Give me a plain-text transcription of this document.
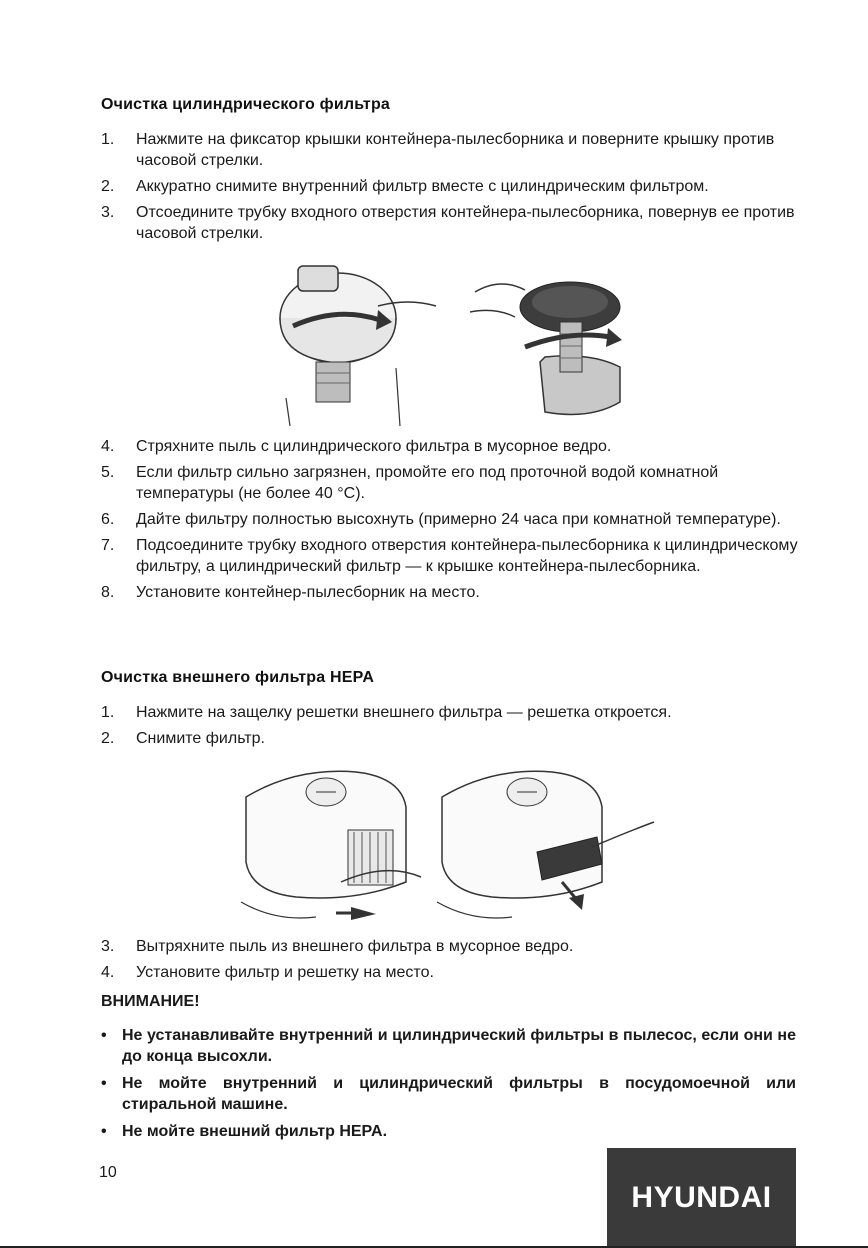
Очистка цилиндрического фильтра
1. Нажмите на фиксатор крышки контейнера-пылесборника и поверните крышку против часовой стрелки.
2. Аккуратно снимите внутренний фильтр вместе с цилиндрическим фильтром.
3. Отсоедините трубку входного отверстия контейнера-пылесборника, повернув ее против часовой стрелки.
4. Стряхните пыль с цилиндрического фильтра в мусорное ведро.
5. Если фильтр сильно загрязнен, промойте его под проточной водой комнатной температуры (не более 40 °C).
6. Дайте фильтру полностью высохнуть (примерно 24 часа при комнатной температуре).
7. Подсоедините трубку входного отверстия контейнера-пылесборника к цилиндрическому фильтру, а цилиндрический фильтр — к крышке контейнера-пылесборника.
8. Установите контейнер-пылесборник на место.
Очистка внешнего фильтра HEPA
1. Нажмите на защелку решетки внешнего фильтра — решетка откроется.
2. Снимите фильтр.
3. Вытряхните пыль из внешнего фильтра в мусорное ведро.
4. Установите фильтр и решетку на место.
ВНИМАНИЕ!
• Не устанавливайте внутренний и цилиндрический фильтры в пылесос, если они не до конца высохли.
• Не мойте внутренний и цилиндрический фильтры в посудомоечной или стиральной машине.
• Не мойте внешний фильтр HEPA.
10
HYUNDAI
